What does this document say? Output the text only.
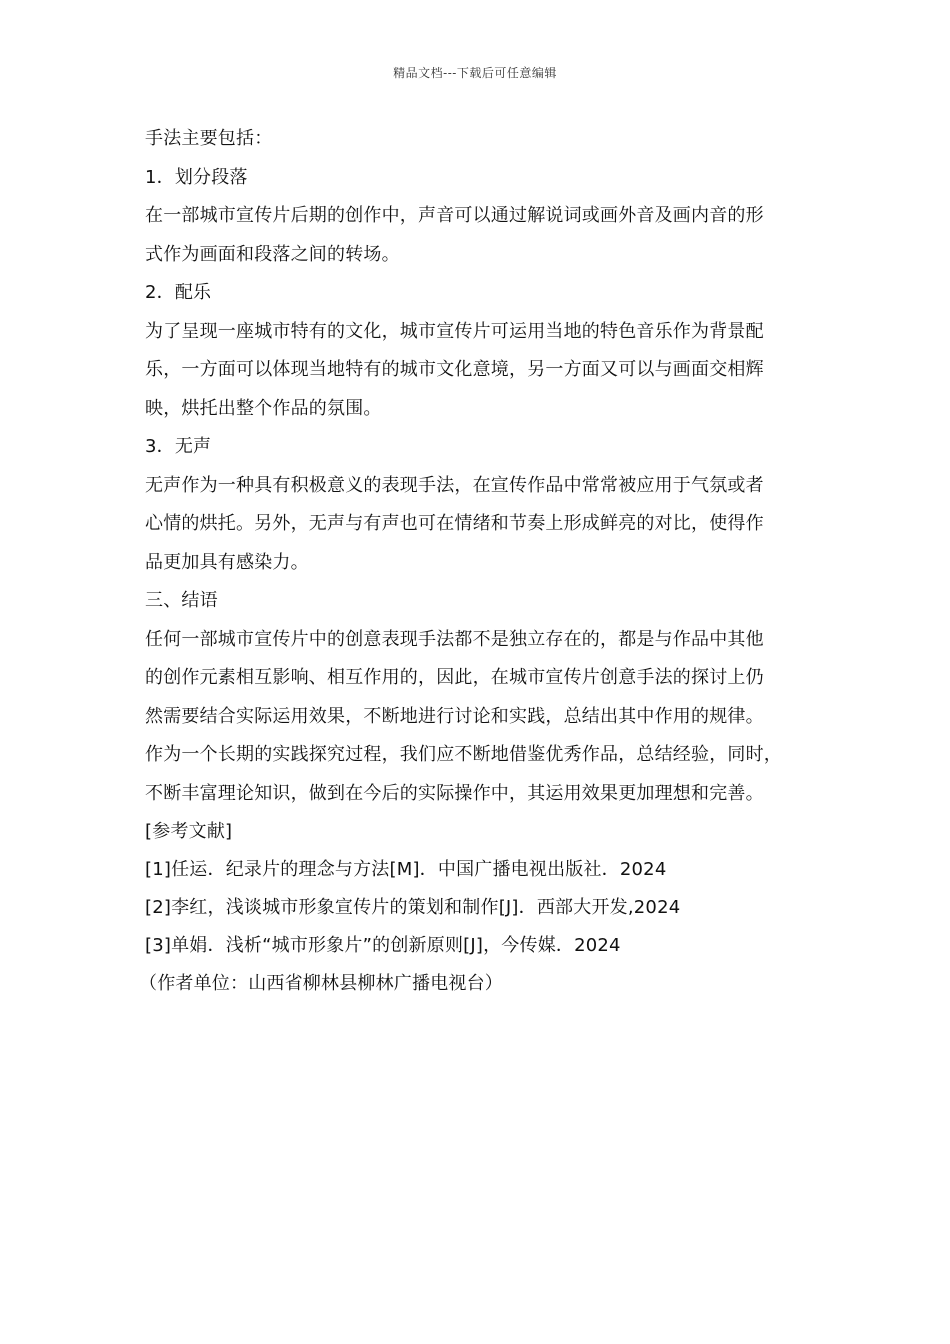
精品文档---下载后可任意编辑
手法主要包括：
1．划分段落
在一部城市宣传片后期的创作中，声音可以通过解说词或画外音及画内音的形
式作为画面和段落之间的转场。
2．配乐
为了呈现一座城市特有的文化，城市宣传片可运用当地的特色音乐作为背景配
乐，一方面可以体现当地特有的城市文化意境，另一方面又可以与画面交相辉
映，烘托出整个作品的氛围。
3．无声
无声作为一种具有积极意义的表现手法，在宣传作品中常常被应用于气氛或者
心情的烘托。另外，无声与有声也可在情绪和节奏上形成鲜亮的对比，使得作
品更加具有感染力。
三、结语
任何一部城市宣传片中的创意表现手法都不是独立存在的，都是与作品中其他
的创作元素相互影响、相互作用的，因此，在城市宣传片创意手法的探讨上仍
然需要结合实际运用效果，不断地进行讨论和实践，总结出其中作用的规律。
作为一个长期的实践探究过程，我们应不断地借鉴优秀作品，总结经验，同时，
不断丰富理论知识，做到在今后的实际操作中，其运用效果更加理想和完善。
[参考文献]
[1]任运．纪录片的理念与方法[M]．中国广播电视出版社．2024
[2]李红，浅谈城市形象宣传片的策划和制作[J]．西部大开发,2024
[3]单娟．浅析“城市形象片”的创新原则[J]，今传媒．2024
（作者单位：山西省柳林县柳林广播电视台）
